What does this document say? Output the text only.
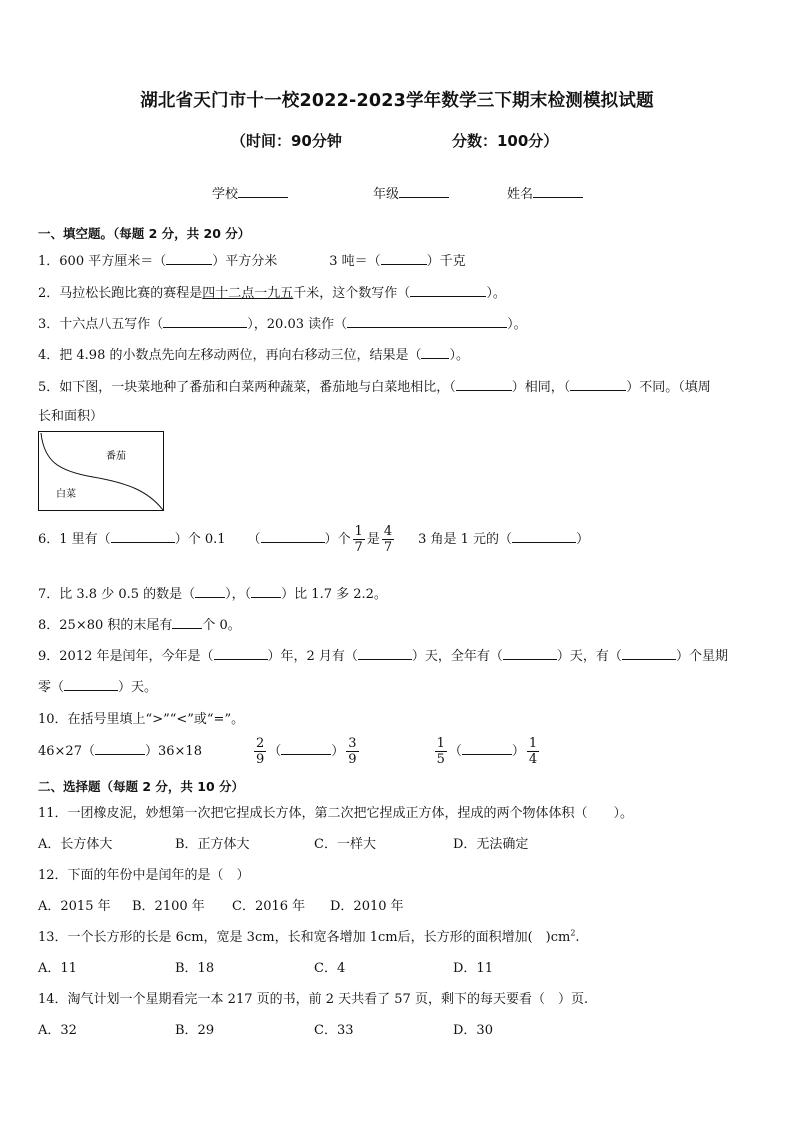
湖北省天门市十一校2022-2023学年数学三下期末检测模拟试题
（时间：90分钟	分数：100分）
学校	年级	姓名
一、填空题。（每题 2 分，共 20 分）
1．600 平方厘米＝（	）平方分米	3 吨＝（	）千克
2．马拉松长跑比赛的赛程是四十二点一九五千米，这个数写作（	）。
3．十六点八五写作（	），20.03 读作（	）。
4．把 4.98 的小数点先向左移动两位，再向右移动三位，结果是（ ）。
5．如下图，一块菜地种了番茄和白菜两种蔬菜，番茄地与白菜地相比，（	）相同，（	）不同。（填周
长和面积）
番茄
白菜
6．1 里有（	）个 0.1 （	）个 $\frac{1}{7}$ 是 $\frac{4}{7} 3$ 角是 1 元的（	）
7．比 3.8 少 0.5 的数是（ ），（ ）比 1.7 多 2.2。
8．25×80 积的末尾有 个 0。
9．2012 年是闰年，今年是（	）年，2 月有（	）天，全年有（	）天，有（	）个星期
零（	）天。
10．在括号里填上“>”“<”或“=”。
46×27（	）36×18	$\frac{2}{9}$ （	） $\frac{3}{9}$	$\frac{1}{5}$ （	） $\frac{1}{4}$
二、选择题（每题 2 分，共 10 分）
11．一团橡皮泥，妙想第一次把它捏成长方体，第二次把它捏成正方体，捏成的两个物体体积（　　）。
A．长方体大	B．正方体大	C．一样大	D．无法确定
12．下面的年份中是闰年的是（　）
A．2015 年 B．2100 年 C．2016 年 D．2010 年
13．一个长方形的长是 6cm，宽是 3cm，长和宽各增加 1cm后，长方形的面积增加(　)$cm^2$.
A．11	B．18	C．4	D．11
14．淘气计划一个星期看完一本 217 页的书，前 2 天共看了 57 页，剩下的每天要看（　）页.
A．32	B．29	C．33	D．30
